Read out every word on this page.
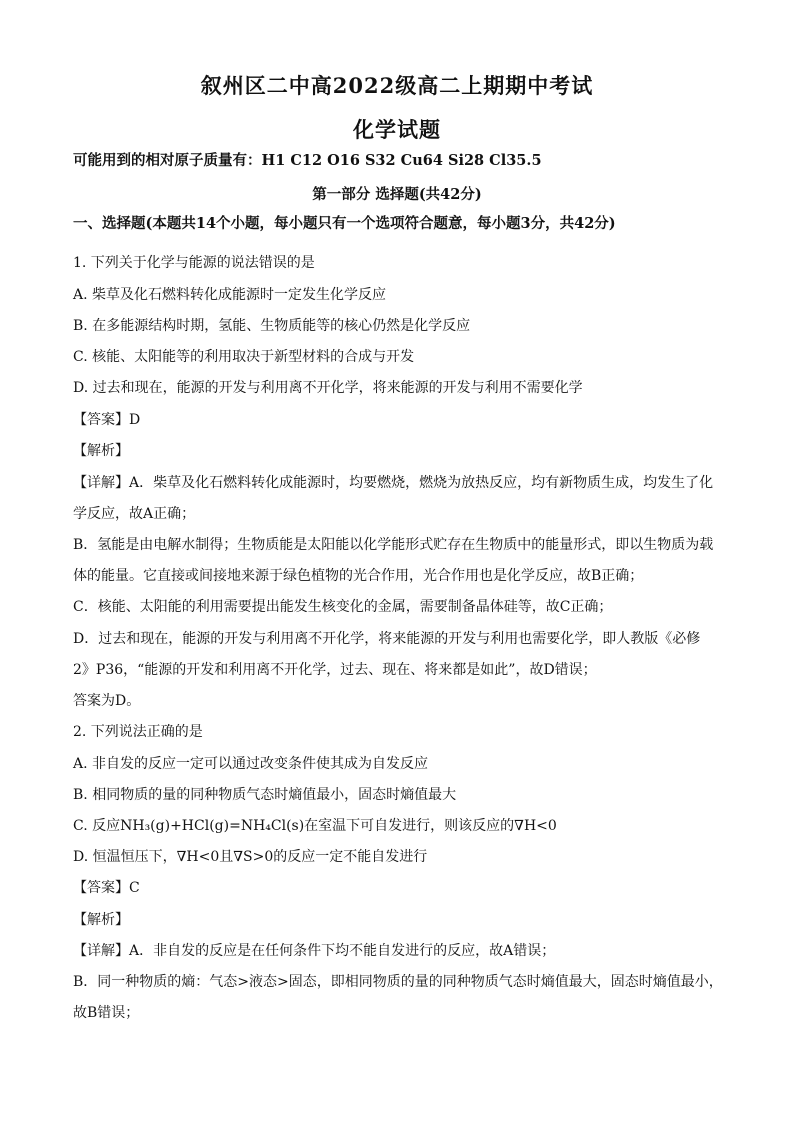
叙州区二中高2022级高二上期期中考试
化学试题
可能用到的相对原子质量有：H1 C12 O16 S32 Cu64 Si28 Cl35.5
第一部分 选择题(共42分)
一、选择题(本题共14个小题，每小题只有一个选项符合题意，每小题3分，共42分)
1. 下列关于化学与能源的说法错误的是
A. 柴草及化石燃料转化成能源时一定发生化学反应
B. 在多能源结构时期，氢能、生物质能等的核心仍然是化学反应
C. 核能、太阳能等的利用取决于新型材料的合成与开发
D. 过去和现在，能源的开发与利用离不开化学，将来能源的开发与利用不需要化学
【答案】D
【解析】
【详解】A．柴草及化石燃料转化成能源时，均要燃烧，燃烧为放热反应，均有新物质生成，均发生了化
学反应，故A正确；
B．氢能是由电解水制得；生物质能是太阳能以化学能形式贮存在生物质中的能量形式，即以生物质为载
体的能量。它直接或间接地来源于绿色植物的光合作用，光合作用也是化学反应，故B正确；
C．核能、太阳能的利用需要提出能发生核变化的金属，需要制备晶体硅等，故C正确；
D．过去和现在，能源的开发与利用离不开化学，将来能源的开发与利用也需要化学，即人教版《必修
2》P36，“能源的开发和利用离不开化学，过去、现在、将来都是如此”，故D错误；
答案为D。
2. 下列说法正确的是
A. 非自发的反应一定可以通过改变条件使其成为自发反应
B. 相同物质的量的同种物质气态时熵值最小，固态时熵值最大
C. 反应NH₃(g)+HCl(g)=NH₄Cl(s)在室温下可自发进行，则该反应的∇H<0
D. 恒温恒压下，∇H<0且∇S>0的反应一定不能自发进行
【答案】C
【解析】
【详解】A．非自发的反应是在任何条件下均不能自发进行的反应，故A错误；
B．同一种物质的熵：气态>液态>固态，即相同物质的量的同种物质气态时熵值最大，固态时熵值最小，
故B错误；
